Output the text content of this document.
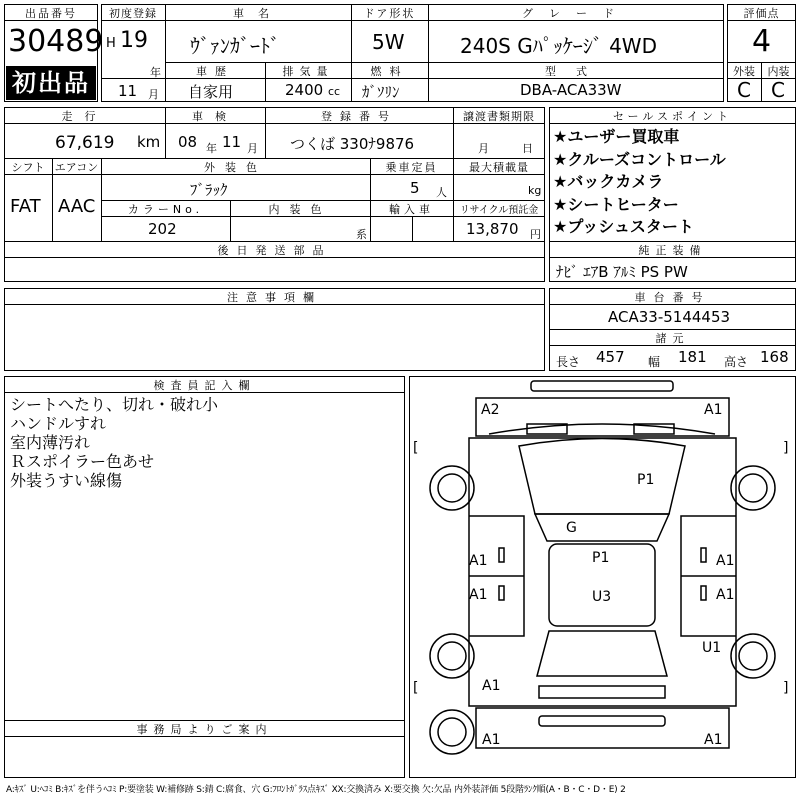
出品番号
30489
初出品
初度登録
H 19
年
11 月
車名
ｳﾞｧﾝｶﾞｰﾄﾞ
ドア形状
5W
グレード
240S Gﾊﾟｯｹｰｼﾞ 4WD
車歴
自家用
排気量
2400 cc
燃料
ｶﾞｿﾘﾝ
型式
DBA-ACA33W
評価点
4
外装	内装
C C
走行
67,619 km
車検
08 年 11 月
登録番号
つくば 330ﾅ9876
譲渡書類期限
月	日
シフト
FAT
エアコン
AAC
外装色
ﾌﾞﾗｯｸ
乗車定員
5 人
最大積載量
kg
カラーNo.
202
内装色
系
輸入車	リサイクル預託金
13,870 円
後日発送部品
セールスポイント
★ユーザー買取車
★クルーズコントロール
★バックカメラ
★シートヒーター
★プッシュスタート
純正装備
ﾅﾋﾞ ｴｱB ｱﾙﾐ PS PW
注意事項欄	車台番号
ACA33-5144453
諸元
長さ 457 幅 181 高さ 168
検査員記入欄
シートへたり、切れ・破れ小
ハンドルすれ
室内薄汚れ
Ｒスポイラー色あせ
外装うすい線傷
事務局よりご案内
A2	A1
P1
G
P1
U3
A1	A1
A1	A1
U1
A1
A1	A1
[	]
[	]
A:ｷｽﾞ U:ﾍｺﾐ B:ｷｽﾞを伴うﾍｺﾐ P:要塗装 W:補修跡 S:錆 C:腐食、穴 G:ﾌﾛﾝﾄｶﾞﾗｽ点ｷｽﾞ XX:交換済み X:要交換 欠:欠品 内外装評価 5段階ﾗﾝｸ順(A・B・C・D・E) 2
